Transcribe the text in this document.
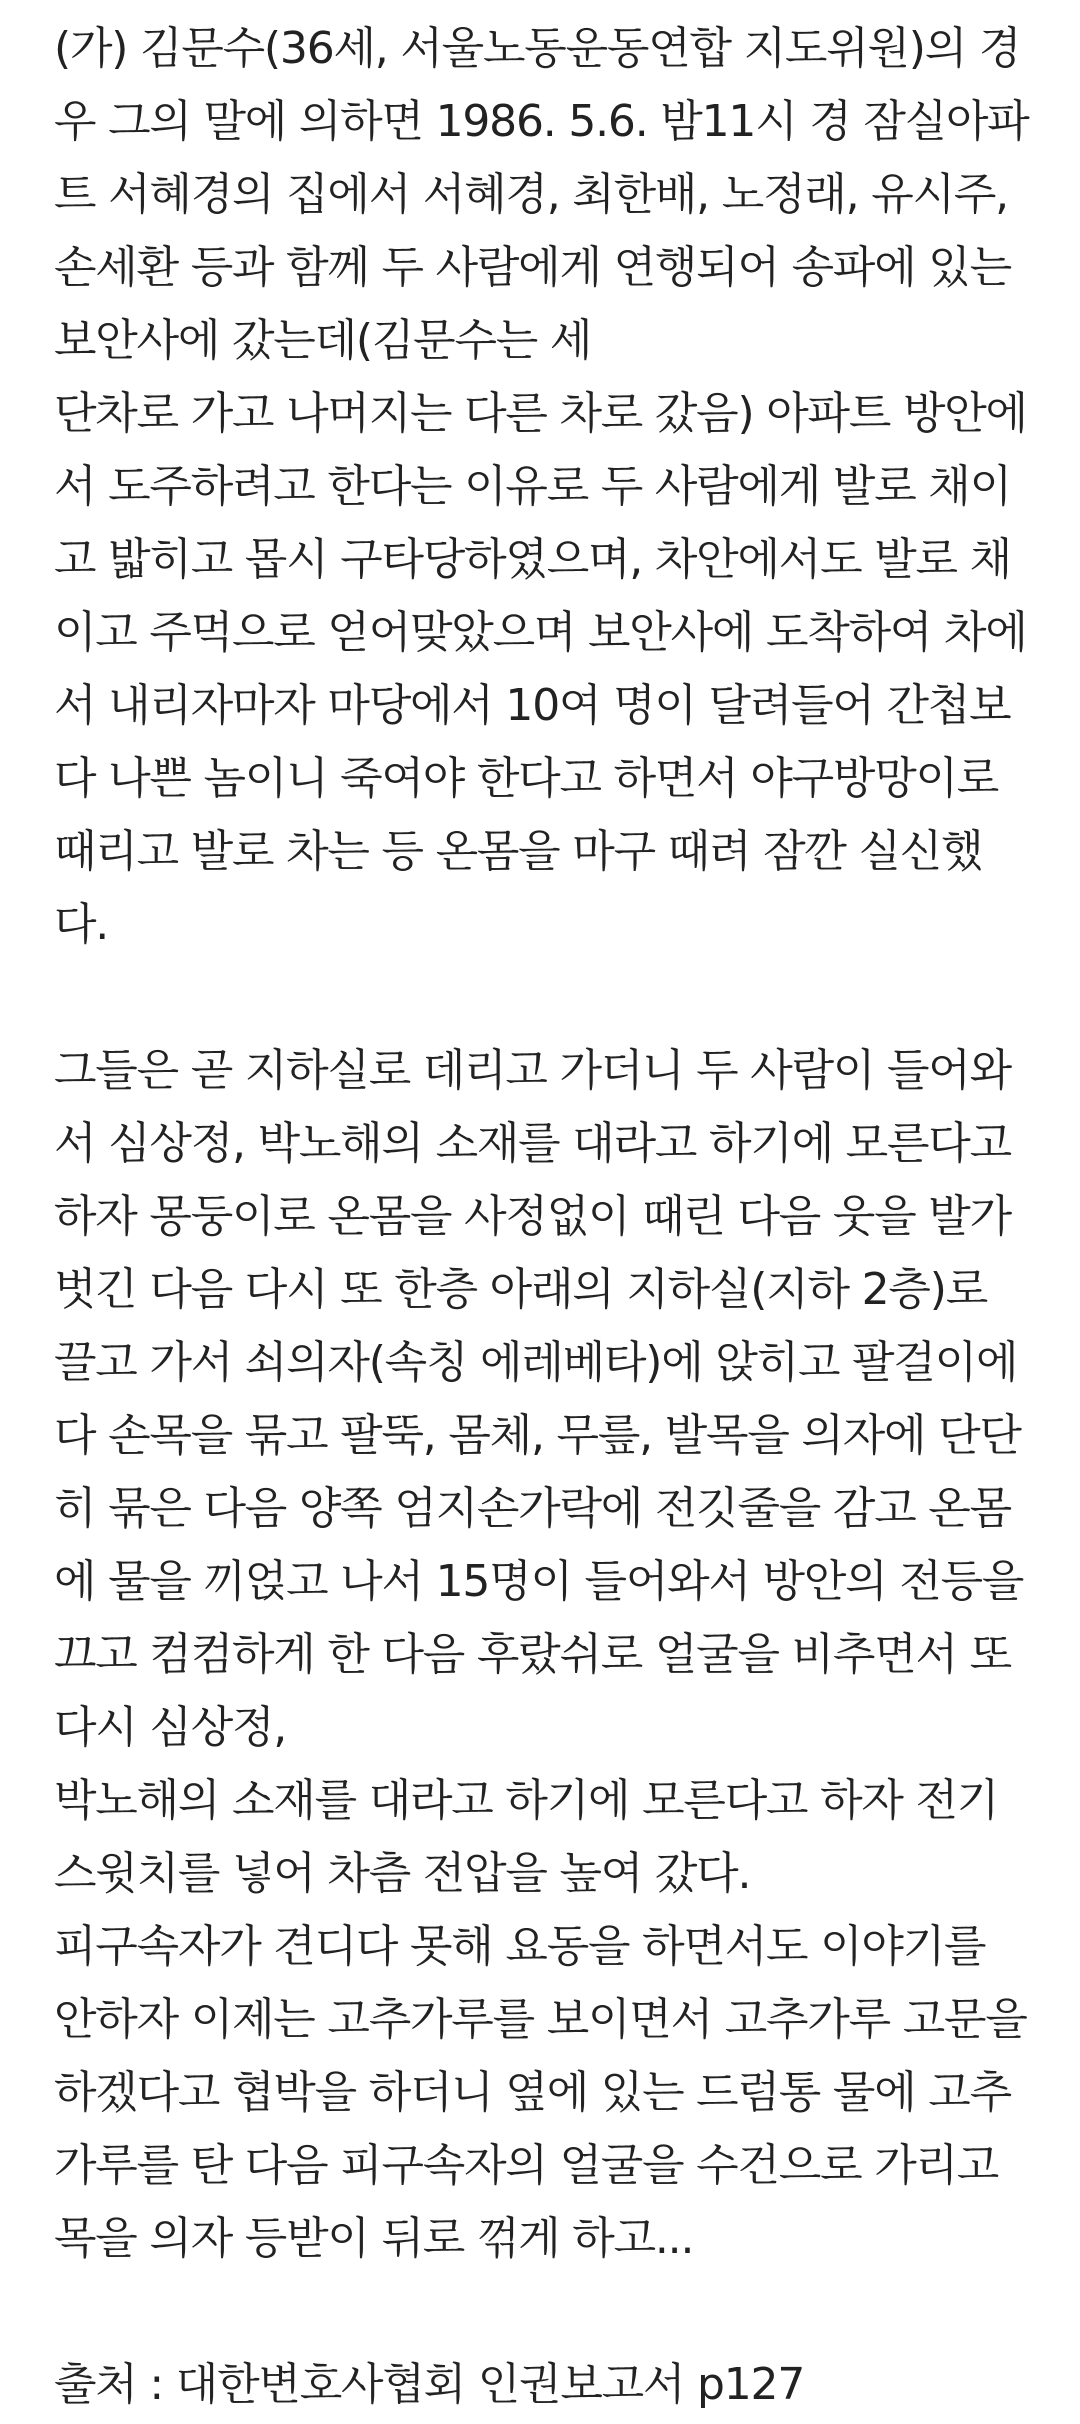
(가) 김문수(36세, 서울노동운동연합 지도위원)의 경
우 그의 말에 의하면 1986. 5.6. 밤11시 경 잠실아파
트 서혜경의 집에서 서혜경, 최한배, 노정래, 유시주,
손세환 등과 함께 두 사람에게 연행되어 송파에 있는
보안사에 갔는데(김문수는 세
단차로 가고 나머지는 다른 차로 갔음) 아파트 방안에
서 도주하려고 한다는 이유로 두 사람에게 발로 채이
고 밟히고 몹시 구타당하였으며, 차안에서도 발로 채
이고 주먹으로 얻어맞았으며 보안사에 도착하여 차에
서 내리자마자 마당에서 10여 명이 달려들어 간첩보
다 나쁜 놈이니 죽여야 한다고 하면서 야구방망이로
때리고 발로 차는 등 온몸을 마구 때려 잠깐 실신했
다.
그들은 곧 지하실로 데리고 가더니 두 사람이 들어와
서 심상정, 박노해의 소재를 대라고 하기에 모른다고
하자 몽둥이로 온몸을 사정없이 때린 다음 웃을 발가
벗긴 다음 다시 또 한층 아래의 지하실(지하 2층)로
끌고 가서 쇠의자(속칭 에레베타)에 앉히고 팔걸이에
다 손목을 묶고 팔뚝, 몸체, 무릎, 발목을 의자에 단단
히 묶은 다음 양쪽 엄지손가락에 전깃줄을 감고 온몸
에 물을 끼얹고 나서 15명이 들어와서 방안의 전등을
끄고 컴컴하게 한 다음 후랐쉬로 얼굴을 비추면서 또
다시 심상정,
박노해의 소재를 대라고 하기에 모른다고 하자 전기
스윗치를 넣어 차츰 전압을 높여 갔다.
피구속자가 견디다 못해 요동을 하면서도 이야기를
안하자 이제는 고추가루를 보이면서 고추가루 고문을
하겠다고 협박을 하더니 옆에 있는 드럼통 물에 고추
가루를 탄 다음 피구속자의 얼굴을 수건으로 가리고
목을 의자 등받이 뒤로 꺾게 하고...
출처 : 대한변호사협회 인권보고서 p127
